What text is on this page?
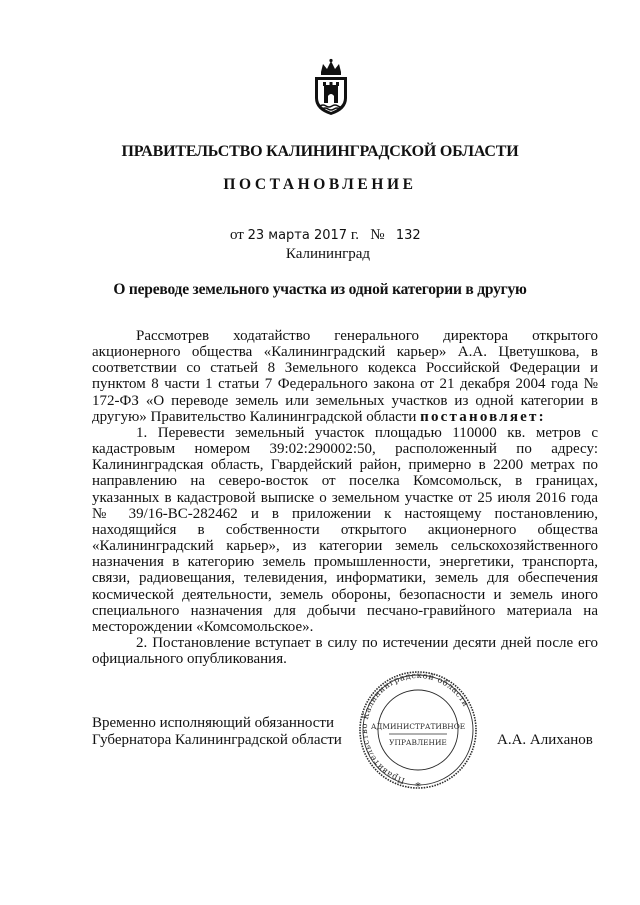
ПРАВИТЕЛЬСТВО КАЛИНИНГРАДСКОЙ ОБЛАСТИ
ПОСТАНОВЛЕНИЕ
от 23 марта 2017 г. № 132
Калининград
О переводе земельного участка из одной категории в другую

Рассмотрев ходатайство генерального директора открытого акционерного общества «Калининградский карьер» А.А. Цветушкова, в соответствии со статьей 8 Земельного кодекса Российской Федерации и пунктом 8 части 1 статьи 7 Федерального закона от 21 декабря 2004 года № 172-ФЗ «О переводе земель или земельных участков из одной категории в другую» Правительство Калининградской области постановляет:

1. Перевести земельный участок площадью 110000 кв. метров с кадастровым номером 39:02:290002:50, расположенный по адресу: Калининградская область, Гвардейский район, примерно в 2200 метрах по направлению на северо-восток от поселка Комсомольск, в границах, указанных в кадастровой выписке о земельном участке от 25 июля 2016 года № 39/16-ВС-282462 и в приложении к настоящему постановлению, находящийся в собственности открытого акционерного общества «Калининградский карьер», из категории земель сельскохозяйственного назначения в категорию земель промышленности, энергетики, транспорта, связи, радиовещания, телевидения, информатики, земель для обеспечения космической деятельности, земель обороны, безопасности и земель иного специального назначения для добычи песчано-гравийного материала на месторождении «Комсомольское».

2. Постановление вступает в силу по истечении десяти дней после его официального опубликования.

Временно исполняющий обязанности
Губернатора Калининградской области
Правительство Калининградской области
АДМИНИСТРАТИВНОЕ
УПРАВЛЕНИЕ
*
А.А. Алиханов
